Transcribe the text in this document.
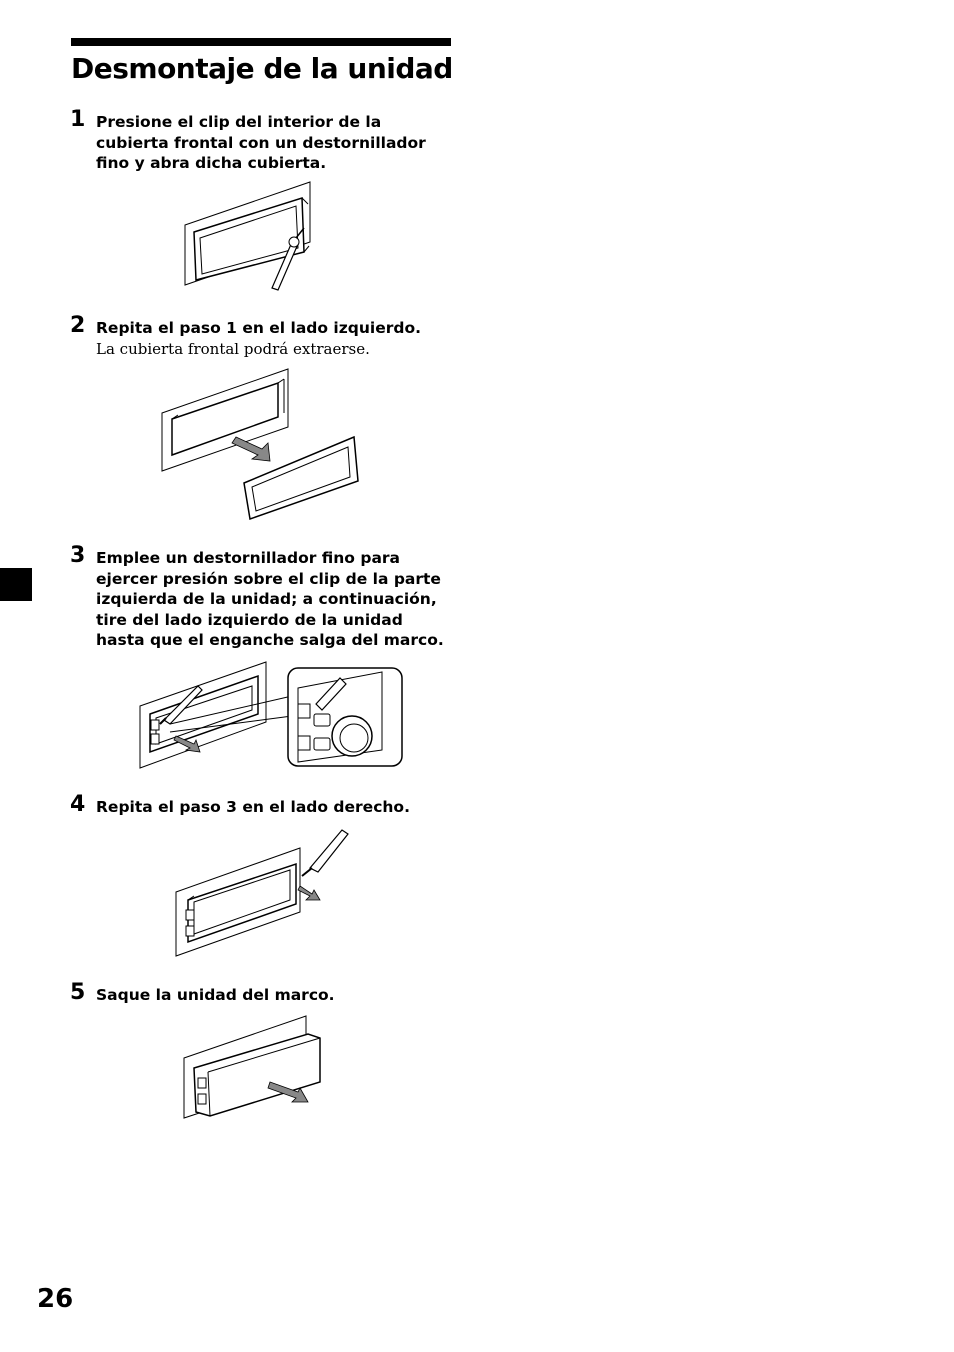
Desmontaje de la unidad
1 Presione el clip del interior de la cubierta frontal con un destornillador fino y abra dicha cubierta.
2 Repita el paso 1 en el lado izquierdo.
La cubierta frontal podrá extraerse.
3 Emplee un destornillador fino para ejercer presión sobre el clip de la parte izquierda de la unidad; a continuación, tire del lado izquierdo de la unidad hasta que el enganche salga del marco.
4 Repita el paso 3 en el lado derecho.
5 Saque la unidad del marco.
26
